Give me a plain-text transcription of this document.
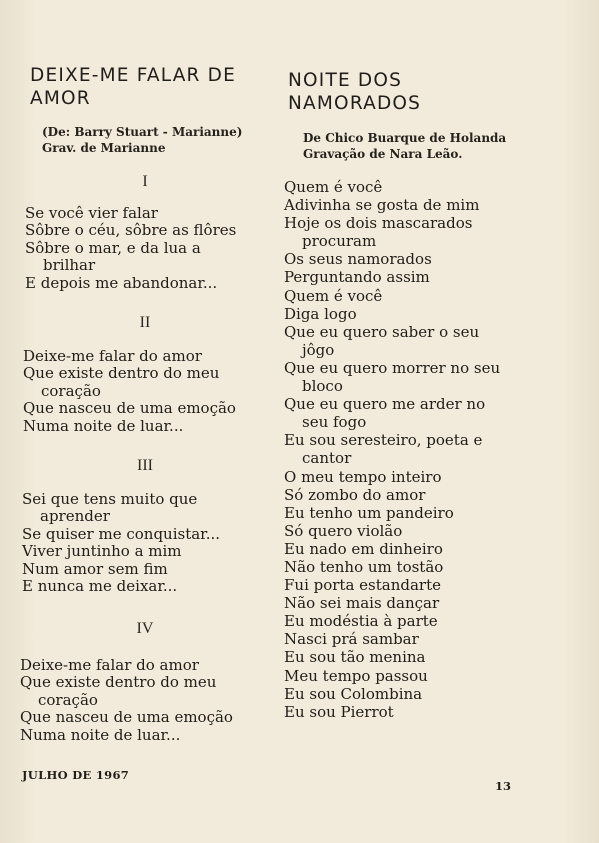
DEIXE-ME FALAR DE
AMOR
(De: Barry Stuart - Marianne)
Grav. de Marianne
I
Se você vier falar
Sôbre o céu, sôbre as flôres
Sôbre o mar, e da lua a
brilhar
E depois me abandonar...
II
Deixe-me falar do amor
Que existe dentro do meu
coração
Que nasceu de uma emoção
Numa noite de luar...
III
Sei que tens muito que
aprender
Se quiser me conquistar...
Viver juntinho a mim
Num amor sem fim
E nunca me deixar...
IV
Deixe-me falar do amor
Que existe dentro do meu
coração
Que nasceu de uma emoção
Numa noite de luar...
NOITE DOS
NAMORADOS
De Chico Buarque de Holanda
Gravação de Nara Leão.
Quem é você
Adivinha se gosta de mim
Hoje os dois mascarados
procuram
Os seus namorados
Perguntando assim
Quem é você
Diga logo
Que eu quero saber o seu
jôgo
Que eu quero morrer no seu
bloco
Que eu quero me arder no
seu fogo
Eu sou seresteiro, poeta e
cantor
O meu tempo inteiro
Só zombo do amor
Eu tenho um pandeiro
Só quero violão
Eu nado em dinheiro
Não tenho um tostão
Fui porta estandarte
Não sei mais dançar
Eu modéstia à parte
Nasci prá sambar
Eu sou tão menina
Meu tempo passou
Eu sou Colombina
Eu sou Pierrot
JULHO DE 1967
13
